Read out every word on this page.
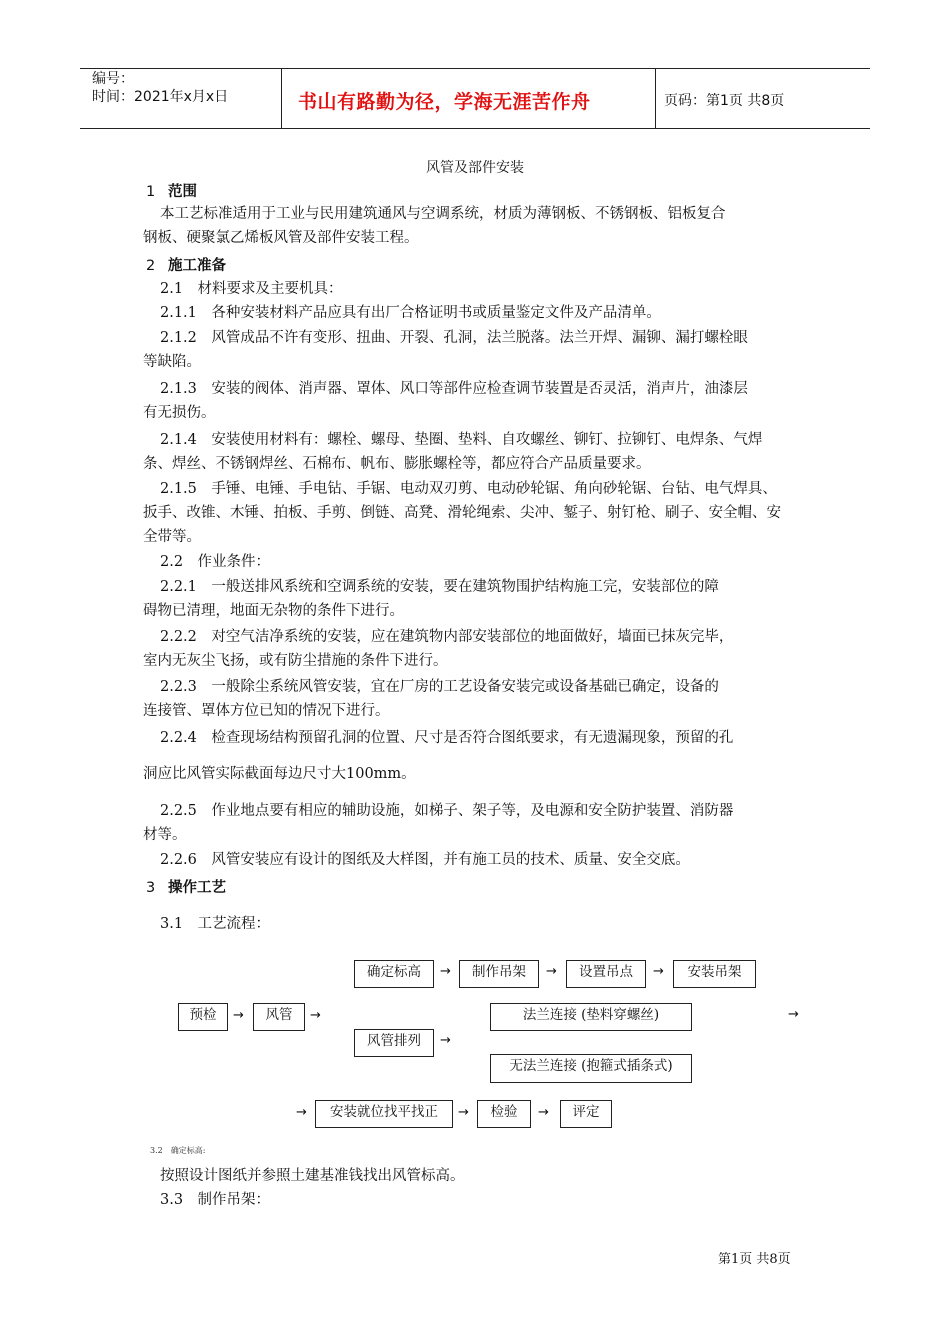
编号：
时间：2021年x月x日	书山有路勤为径，学海无涯苦作舟	页码：第1页 共8页
风管及部件安装
1 范围
本工艺标准适用于工业与民用建筑通风与空调系统，材质为薄钢板、不锈钢板、铝板复合
钢板、硬聚氯乙烯板风管及部件安装工程。
2 施工准备
2.1　材料要求及主要机具：
2.1.1　各种安装材料产品应具有出厂合格证明书或质量鉴定文件及产品清单。
2.1.2　风管成品不许有变形、扭曲、开裂、孔洞，法兰脱落。法兰开焊、漏铆、漏打螺栓眼
等缺陷。
2.1.3　安装的阀体、消声器、罩体、风口等部件应检查调节装置是否灵活，消声片，油漆层
有无损伤。
2.1.4　安装使用材料有：螺栓、螺母、垫圈、垫料、自攻螺丝、铆钉、拉铆钉、电焊条、气焊
条、焊丝、不锈钢焊丝、石棉布、帆布、膨胀螺栓等，都应符合产品质量要求。
2.1.5　手锤、电锤、手电钻、手锯、电动双刃剪、电动砂轮锯、角向砂轮锯、台钻、电气焊具、
扳手、改锥、木锤、拍板、手剪、倒链、高凳、滑轮绳索、尖冲、錾子、射钉枪、刷子、安全帽、安
全带等。
2.2　作业条件：
2.2.1　一般送排风系统和空调系统的安装，要在建筑物围护结构施工完，安装部位的障
碍物已清理，地面无杂物的条件下进行。
2.2.2　对空气洁净系统的安装，应在建筑物内部安装部位的地面做好，墙面已抹灰完毕，
室内无灰尘飞扬，或有防尘措施的条件下进行。
2.2.3　一般除尘系统风管安装，宜在厂房的工艺设备安装完或设备基础已确定，设备的
连接管、罩体方位已知的情况下进行。
2.2.4　检查现场结构预留孔洞的位置、尺寸是否符合图纸要求，有无遗漏现象，预留的孔
洞应比风管实际截面每边尺寸大100mm。
2.2.5　作业地点要有相应的辅助设施，如梯子、架子等，及电源和安全防护装置、消防器
材等。
2.2.6　风管安装应有设计的图纸及大样图，并有施工员的技术、质量、安全交底。
3 操作工艺
3.1　工艺流程：
确定标高	→	制作吊架	→	设置吊点	→	安装吊架
预检	→	风管	→	法兰连接 (垫料穿螺丝)	→
风管排列	→
无法兰连接 (抱箍式插条式)
→	安装就位找平找正	→	检验	→	评定
3.2　确定标高:
按照设计图纸并参照土建基准钱找出风管标高。
3.3　制作吊架：
第1页 共8页
